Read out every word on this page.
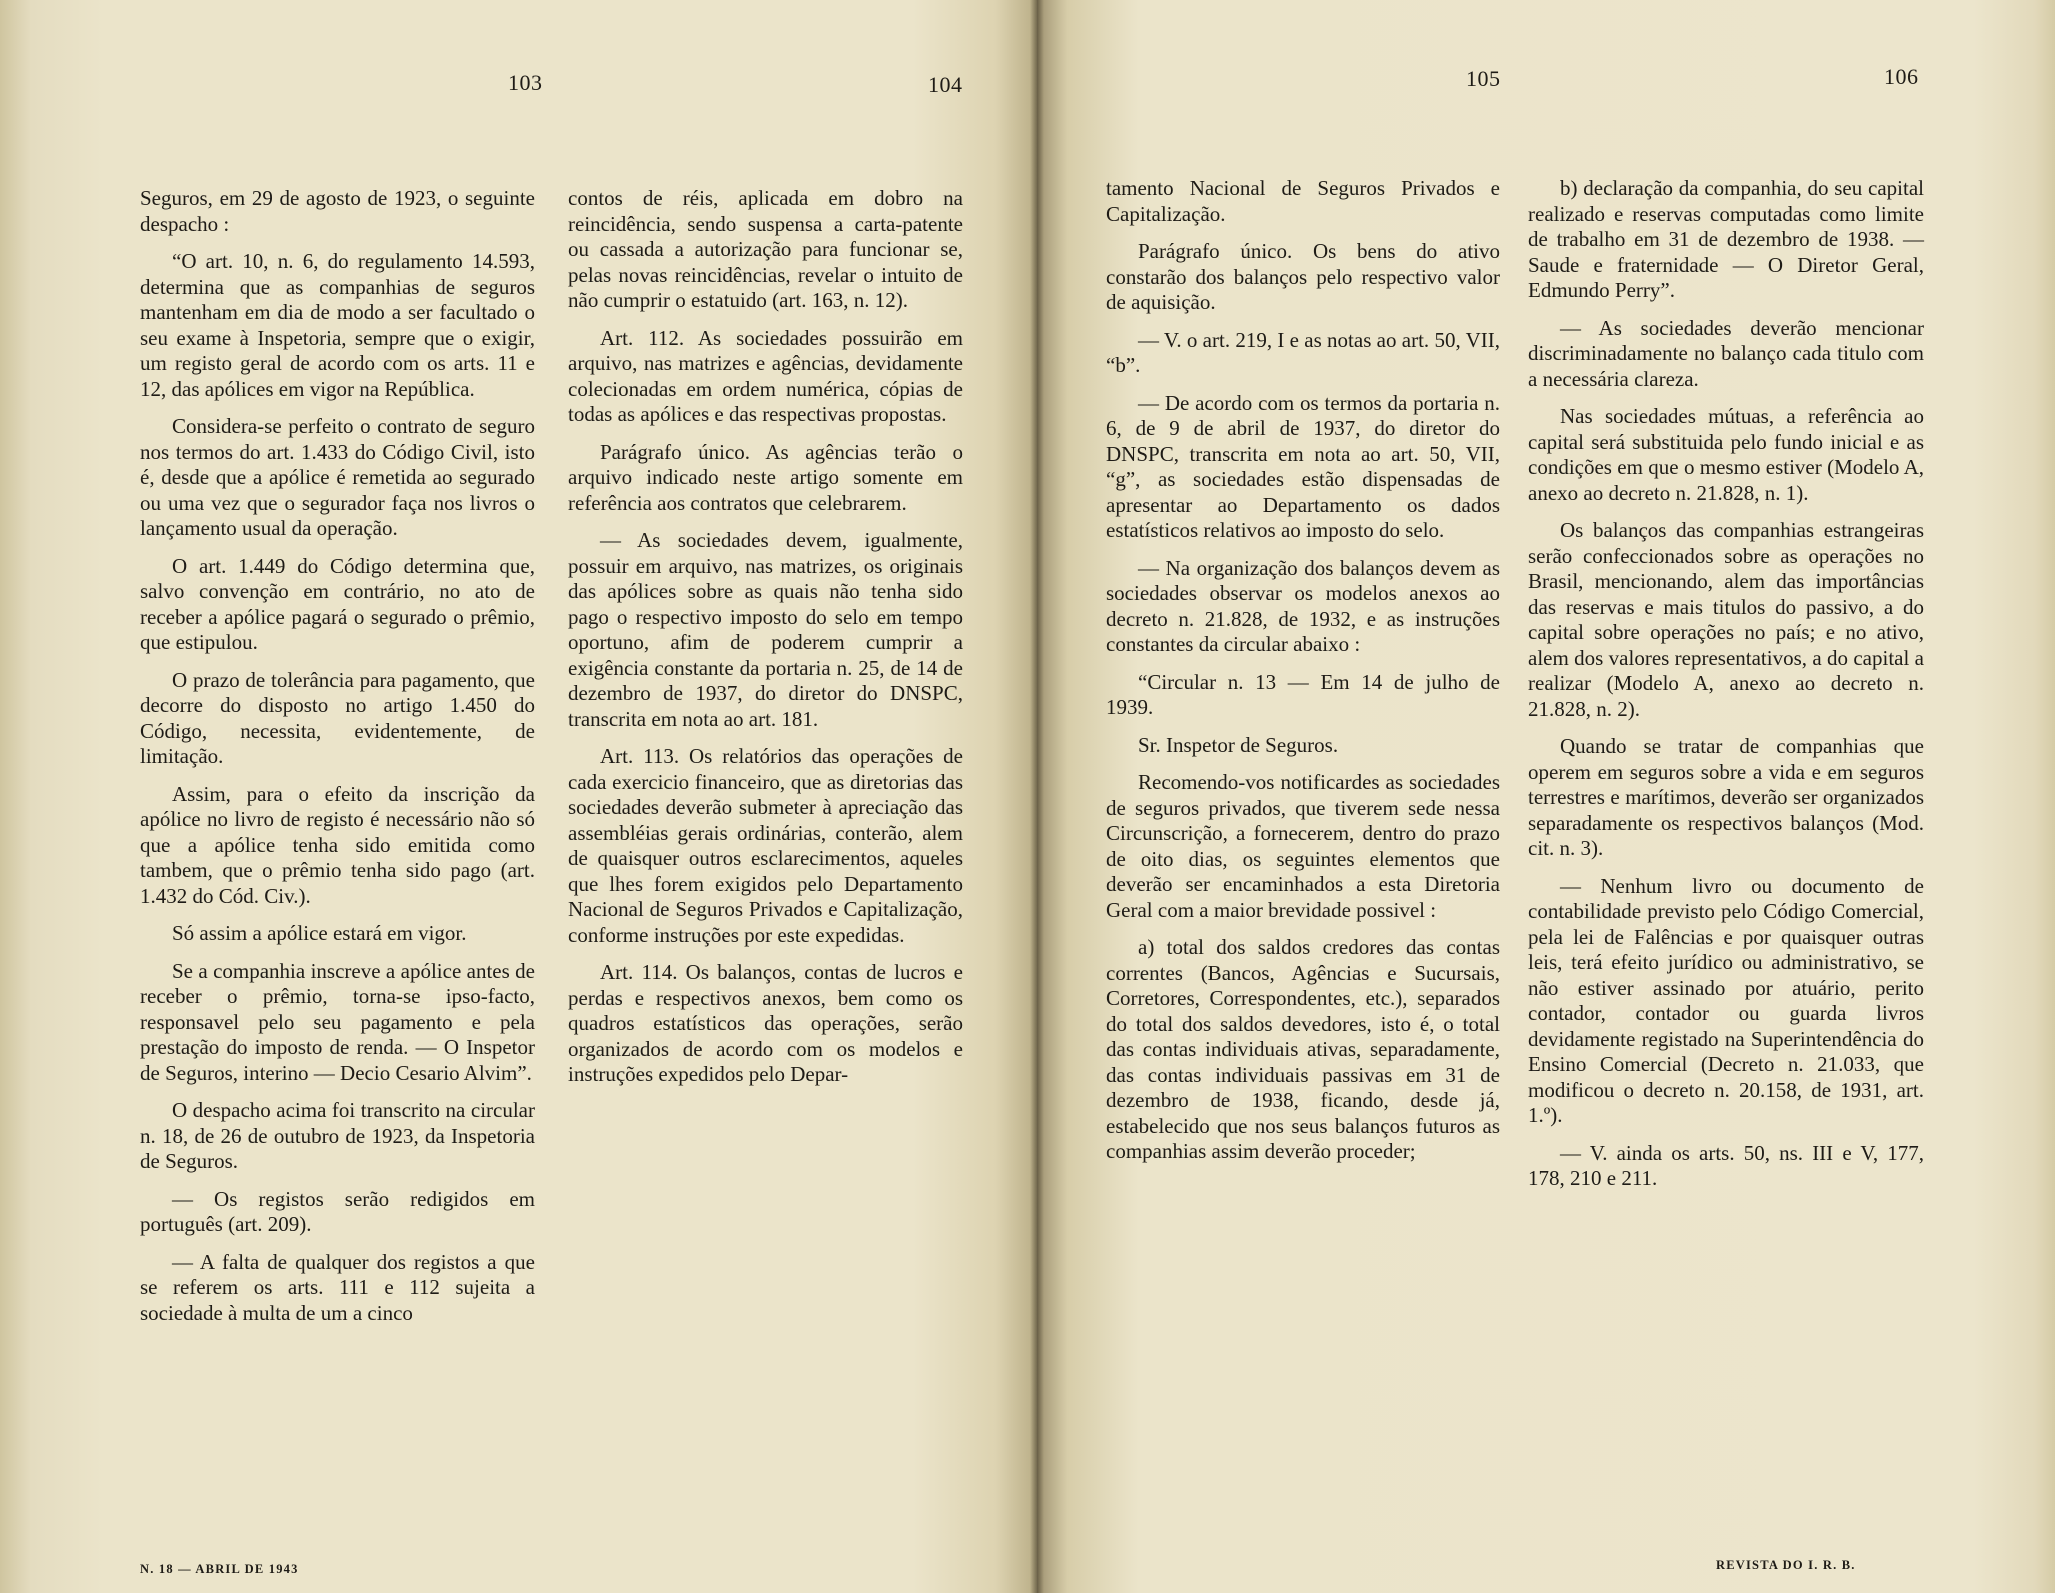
103	104	105	106

Seguros, em 29 de agosto de 1923, o seguinte despacho :

“O art. 10, n. 6, do regulamento 14.593, determina que as companhias de seguros mantenham em dia de modo a ser facultado o seu exame à Inspetoria, sempre que o exigir, um registo geral de acordo com os arts. 11 e 12, das apólices em vigor na República.

Considera-se perfeito o contrato de seguro nos termos do art. 1.433 do Código Civil, isto é, desde que a apólice é remetida ao segurado ou uma vez que o segurador faça nos livros o lançamento usual da operação.

O art. 1.449 do Código determina que, salvo convenção em contrário, no ato de receber a apólice pagará o segurado o prêmio, que estipulou.

O prazo de tolerância para pagamento, que decorre do disposto no artigo 1.450 do Código, necessita, evidentemente, de limitação.

Assim, para o efeito da inscrição da apólice no livro de registo é necessário não só que a apólice tenha sido emitida como tambem, que o prêmio tenha sido pago (art. 1.432 do Cód. Civ.).

Só assim a apólice estará em vigor.

Se a companhia inscreve a apólice antes de receber o prêmio, torna-se ipso-facto, responsavel pelo seu pagamento e pela prestação do imposto de renda. — O Inspetor de Seguros, interino — Decio Cesario Alvim”.

O despacho acima foi transcrito na circular n. 18, de 26 de outubro de 1923, da Inspetoria de Seguros.

— Os registos serão redigidos em português (art. 209).

— A falta de qualquer dos registos a que se referem os arts. 111 e 112 sujeita a sociedade à multa de um a cinco

contos de réis, aplicada em dobro na reincidência, sendo suspensa a carta-patente ou cassada a autorização para funcionar se, pelas novas reincidências, revelar o intuito de não cumprir o estatuido (art. 163, n. 12).

Art. 112. As sociedades possuirão em arquivo, nas matrizes e agências, devidamente colecionadas em ordem numérica, cópias de todas as apólices e das respectivas propostas.

Parágrafo único. As agências terão o arquivo indicado neste artigo somente em referência aos contratos que celebrarem.

— As sociedades devem, igualmente, possuir em arquivo, nas matrizes, os originais das apólices sobre as quais não tenha sido pago o respectivo imposto do selo em tempo oportuno, afim de poderem cumprir a exigência constante da portaria n. 25, de 14 de dezembro de 1937, do diretor do DNSPC, transcrita em nota ao art. 181.

Art. 113. Os relatórios das operações de cada exercicio financeiro, que as diretorias das sociedades deverão submeter à apreciação das assembléias gerais ordinárias, conterão, alem de quaisquer outros esclarecimentos, aqueles que lhes forem exigidos pelo Departamento Nacional de Seguros Privados e Capitalização, conforme instruções por este expedidas.

Art. 114. Os balanços, contas de lucros e perdas e respectivos anexos, bem como os quadros estatísticos das operações, serão organizados de acordo com os modelos e instruções expedidos pelo Depar-

tamento Nacional de Seguros Privados e Capitalização.

Parágrafo único. Os bens do ativo constarão dos balanços pelo respectivo valor de aquisição.

— V. o art. 219, I e as notas ao art. 50, VII, “b”.

— De acordo com os termos da portaria n. 6, de 9 de abril de 1937, do diretor do DNSPC, transcrita em nota ao art. 50, VII, “g”, as sociedades estão dispensadas de apresentar ao Departamento os dados estatísticos relativos ao imposto do selo.

— Na organização dos balanços devem as sociedades observar os modelos anexos ao decreto n. 21.828, de 1932, e as instruções constantes da circular abaixo :

“Circular n. 13 — Em 14 de julho de 1939.

Sr. Inspetor de Seguros.

Recomendo-vos notificardes as sociedades de seguros privados, que tiverem sede nessa Circunscrição, a fornecerem, dentro do prazo de oito dias, os seguintes elementos que deverão ser encaminhados a esta Diretoria Geral com a maior brevidade possivel :

a) total dos saldos credores das contas correntes (Bancos, Agências e Sucursais, Corretores, Correspondentes, etc.), separados do total dos saldos devedores, isto é, o total das contas individuais ativas, separadamente, das contas individuais passivas em 31 de dezembro de 1938, ficando, desde já, estabelecido que nos seus balanços futuros as companhias assim deverão proceder;

b) declaração da companhia, do seu capital realizado e reservas computadas como limite de trabalho em 31 de dezembro de 1938. — Saude e fraternidade — O Diretor Geral, Edmundo Perry”.

— As sociedades deverão mencionar discriminadamente no balanço cada titulo com a necessária clareza.

Nas sociedades mútuas, a referência ao capital será substituida pelo fundo inicial e as condições em que o mesmo estiver (Modelo A, anexo ao decreto n. 21.828, n. 1).

Os balanços das companhias estrangeiras serão confeccionados sobre as operações no Brasil, mencionando, alem das importâncias das reservas e mais titulos do passivo, a do capital sobre operações no país; e no ativo, alem dos valores representativos, a do capital a realizar (Modelo A, anexo ao decreto n. 21.828, n. 2).

Quando se tratar de companhias que operem em seguros sobre a vida e em seguros terrestres e marítimos, deverão ser organizados separadamente os respectivos balanços (Mod. cit. n. 3).

— Nenhum livro ou documento de contabilidade previsto pelo Código Comercial, pela lei de Falências e por quaisquer outras leis, terá efeito jurídico ou administrativo, se não estiver assinado por atuário, perito contador, contador ou guarda livros devidamente registado na Superintendência do Ensino Comercial (Decreto n. 21.033, que modificou o decreto n. 20.158, de 1931, art. 1.º).

— V. ainda os arts. 50, ns. III e V, 177, 178, 210 e 211.

N. 18 — ABRIL DE 1943	REVISTA DO I. R. B.
